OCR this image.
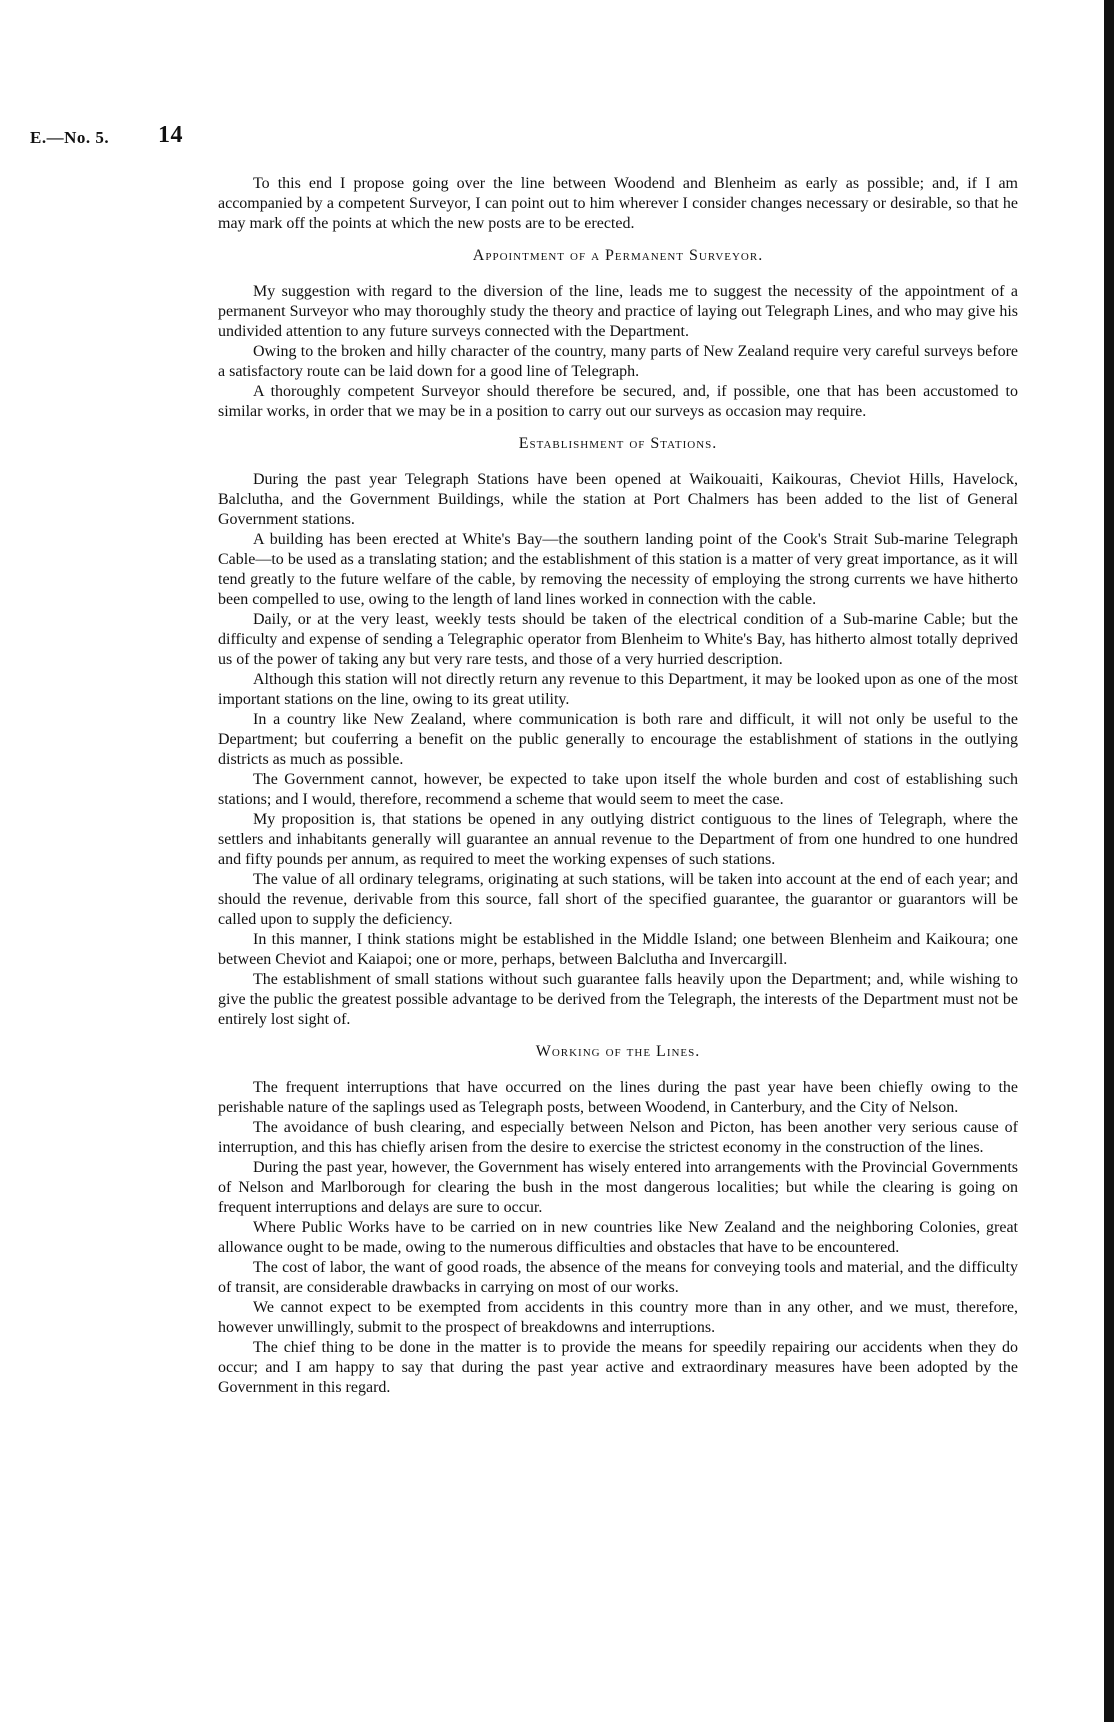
E.—No. 5. 14

To this end I propose going over the line between Woodend and Blenheim as early as possible; and, if I am accompanied by a competent Surveyor, I can point out to him wherever I consider changes necessary or desirable, so that he may mark off the points at which the new posts are to be erected.

Appointment of a Permanent Surveyor.

My suggestion with regard to the diversion of the line, leads me to suggest the necessity of the appointment of a permanent Surveyor who may thoroughly study the theory and practice of laying out Telegraph Lines, and who may give his undivided attention to any future surveys connected with the Department.

Owing to the broken and hilly character of the country, many parts of New Zealand require very careful surveys before a satisfactory route can be laid down for a good line of Telegraph.

A thoroughly competent Surveyor should therefore be secured, and, if possible, one that has been accustomed to similar works, in order that we may be in a position to carry out our surveys as occasion may require.

Establishment of Stations.

During the past year Telegraph Stations have been opened at Waikouaiti, Kaikouras, Cheviot Hills, Havelock, Balclutha, and the Government Buildings, while the station at Port Chalmers has been added to the list of General Government stations.

A building has been erected at White's Bay—the southern landing point of the Cook's Strait Sub-marine Telegraph Cable—to be used as a translating station; and the establishment of this station is a matter of very great importance, as it will tend greatly to the future welfare of the cable, by removing the necessity of employing the strong currents we have hitherto been compelled to use, owing to the length of land lines worked in connection with the cable.

Daily, or at the very least, weekly tests should be taken of the electrical condition of a Sub-marine Cable; but the difficulty and expense of sending a Telegraphic operator from Blenheim to White's Bay, has hitherto almost totally deprived us of the power of taking any but very rare tests, and those of a very hurried description.

Although this station will not directly return any revenue to this Department, it may be looked upon as one of the most important stations on the line, owing to its great utility.

In a country like New Zealand, where communication is both rare and difficult, it will not only be useful to the Department; but couferring a benefit on the public generally to encourage the establishment of stations in the outlying districts as much as possible.

The Government cannot, however, be expected to take upon itself the whole burden and cost of establishing such stations; and I would, therefore, recommend a scheme that would seem to meet the case.

My proposition is, that stations be opened in any outlying district contiguous to the lines of Telegraph, where the settlers and inhabitants generally will guarantee an annual revenue to the Department of from one hundred to one hundred and fifty pounds per annum, as required to meet the working expenses of such stations.

The value of all ordinary telegrams, originating at such stations, will be taken into account at the end of each year; and should the revenue, derivable from this source, fall short of the specified guarantee, the guarantor or guarantors will be called upon to supply the deficiency.

In this manner, I think stations might be established in the Middle Island; one between Blenheim and Kaikoura; one between Cheviot and Kaiapoi; one or more, perhaps, between Balclutha and Invercargill.

The establishment of small stations without such guarantee falls heavily upon the Department; and, while wishing to give the public the greatest possible advantage to be derived from the Telegraph, the interests of the Department must not be entirely lost sight of.

Working of the Lines.

The frequent interruptions that have occurred on the lines during the past year have been chiefly owing to the perishable nature of the saplings used as Telegraph posts, between Woodend, in Canterbury, and the City of Nelson.

The avoidance of bush clearing, and especially between Nelson and Picton, has been another very serious cause of interruption, and this has chiefly arisen from the desire to exercise the strictest economy in the construction of the lines.

During the past year, however, the Government has wisely entered into arrangements with the Provincial Governments of Nelson and Marlborough for clearing the bush in the most dangerous localities; but while the clearing is going on frequent interruptions and delays are sure to occur.

Where Public Works have to be carried on in new countries like New Zealand and the neighboring Colonies, great allowance ought to be made, owing to the numerous difficulties and obstacles that have to be encountered.

The cost of labor, the want of good roads, the absence of the means for conveying tools and material, and the difficulty of transit, are considerable drawbacks in carrying on most of our works.

We cannot expect to be exempted from accidents in this country more than in any other, and we must, therefore, however unwillingly, submit to the prospect of breakdowns and interruptions.

The chief thing to be done in the matter is to provide the means for speedily repairing our accidents when they do occur; and I am happy to say that during the past year active and extraordinary measures have been adopted by the Government in this regard.
